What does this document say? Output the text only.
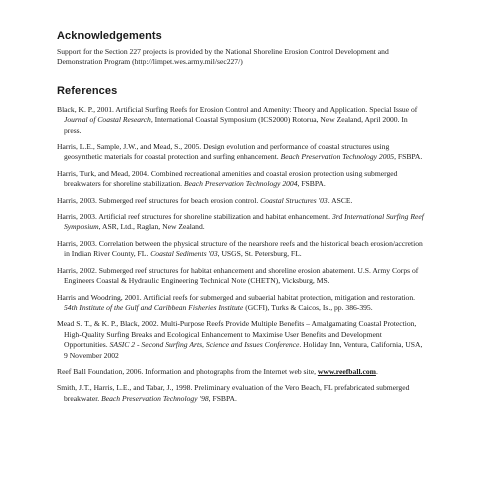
Acknowledgements

Support for the Section 227 projects is provided by the National Shoreline Erosion Control Development and Demonstration Program (http://limpet.wes.army.mil/sec227/)

References

Black, K. P., 2001. Artificial Surfing Reefs for Erosion Control and Amenity: Theory and Application. Special Issue of Journal of Coastal Research, International Coastal Symposium (ICS2000) Rotorua, New Zealand, April 2000. In press.

Harris, L.E., Sample, J.W., and Mead, S., 2005. Design evolution and performance of coastal structures using geosynthetic materials for coastal protection and surfing enhancement. Beach Preservation Technology 2005, FSBPA.

Harris, Turk, and Mead, 2004. Combined recreational amenities and coastal erosion protection using submerged breakwaters for shoreline stabilization. Beach Preservation Technology 2004, FSBPA.

Harris, 2003. Submerged reef structures for beach erosion control. Coastal Structures '03. ASCE.

Harris, 2003. Artificial reef structures for shoreline stabilization and habitat enhancement. 3rd International Surfing Reef Symposium, ASR, Ltd., Raglan, New Zealand.

Harris, 2003. Correlation between the physical structure of the nearshore reefs and the historical beach erosion/accretion in Indian River County, FL. Coastal Sediments '03, USGS, St. Petersburg, FL.

Harris, 2002. Submerged reef structures for habitat enhancement and shoreline erosion abatement. U.S. Army Corps of Engineers Coastal & Hydraulic Engineering Technical Note (CHETN), Vicksburg, MS.

Harris and Woodring, 2001. Artificial reefs for submerged and subaerial habitat protection, mitigation and restoration. 54th Institute of the Gulf and Caribbean Fisheries Institute (GCFI), Turks & Caicos, Is., pp. 386-395.

Mead S. T., & K. P., Black, 2002. Multi-Purpose Reefs Provide Multiple Benefits – Amalgamating Coastal Protection, High-Quality Surfing Breaks and Ecological Enhancement to Maximise User Benefits and Development Opportunities. SASIC 2 - Second Surfing Arts, Science and Issues Conference. Holiday Inn, Ventura, California, USA, 9 November 2002

Reef Ball Foundation, 2006. Information and photographs from the Internet web site, www.reefball.com.

Smith, J.T., Harris, L.E., and Tabar, J., 1998. Preliminary evaluation of the Vero Beach, FL prefabricated submerged breakwater. Beach Preservation Technology '98, FSBPA.
